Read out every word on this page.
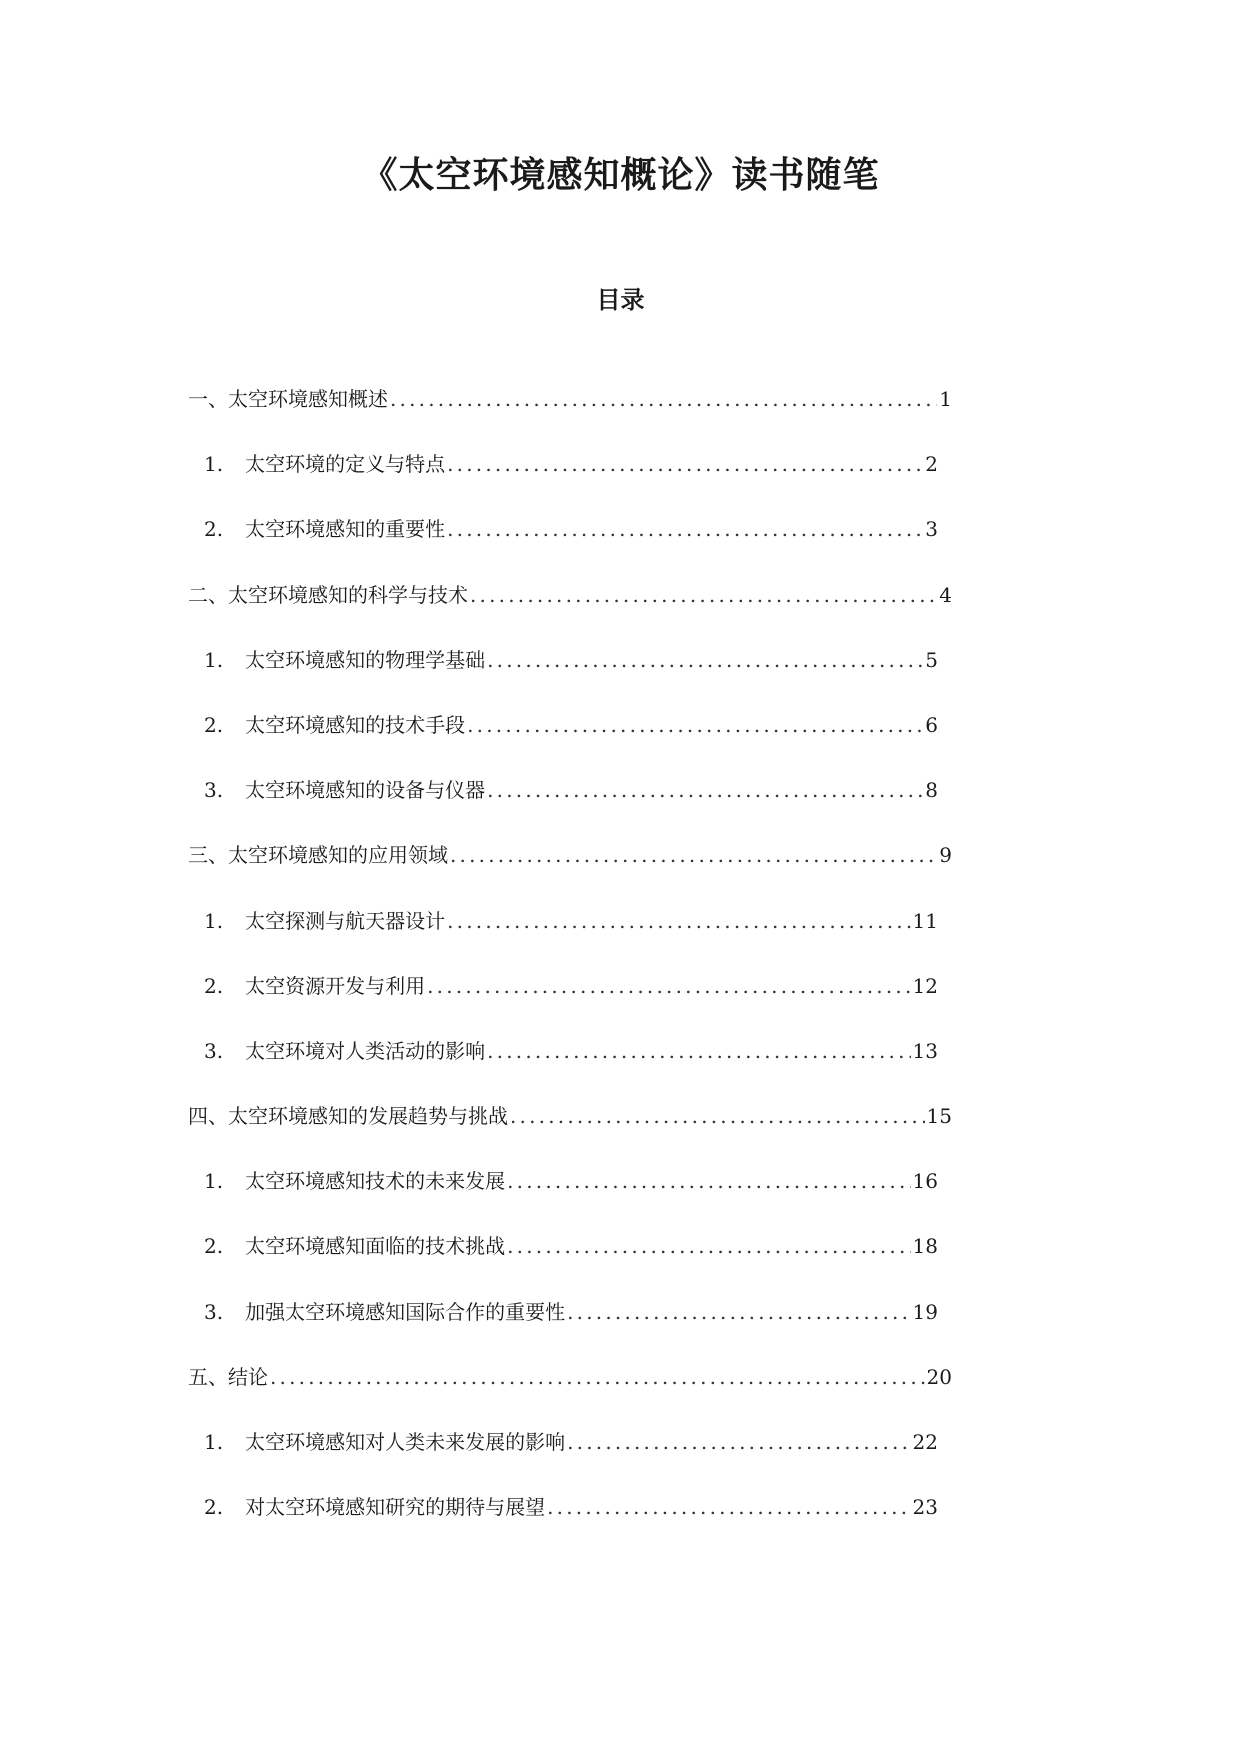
《太空环境感知概论》读书随笔
目录
一、太空环境感知概述 .....	1
1. 太空环境的定义与特点 .....	2
2. 太空环境感知的重要性 .....	3
二、太空环境感知的科学与技术 .....	4
1. 太空环境感知的物理学基础 .....	5
2. 太空环境感知的技术手段 .....	6
3. 太空环境感知的设备与仪器 .....	8
三、太空环境感知的应用领域 .....	9
1. 太空探测与航天器设计 .....	11
2. 太空资源开发与利用 .....	12
3. 太空环境对人类活动的影响 .....	13
四、太空环境感知的发展趋势与挑战 .....	15
1. 太空环境感知技术的未来发展 .....	16
2. 太空环境感知面临的技术挑战 .....	18
3. 加强太空环境感知国际合作的重要性 .....	19
五、结论 .....	20
1. 太空环境感知对人类未来发展的影响 .....	22
2. 对太空环境感知研究的期待与展望 .....	23
